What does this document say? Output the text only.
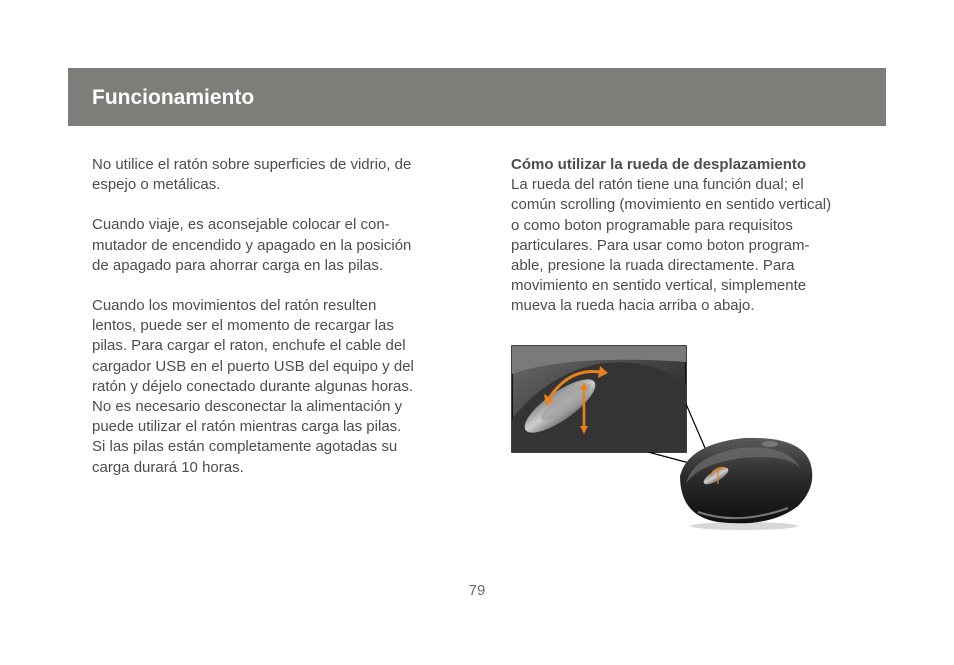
Funcionamiento

No utilice el ratón sobre superficies de vidrio, de
espejo o metálicas.

Cuando viaje, es aconsejable colocar el con-
mutador de encendido y apagado en la posición
de apagado para ahorrar carga en las pilas.

Cuando los movimientos del ratón resulten
lentos, puede ser el momento de recargar las
pilas. Para cargar el raton, enchufe el cable del
cargador USB en el puerto USB del equipo y del
ratón y déjelo conectado durante algunas horas.
No es necesario desconectar la alimentación y
puede utilizar el ratón mientras carga las pilas.
Si las pilas están completamente agotadas su
carga durará 10 horas.

Cómo utilizar la rueda de desplazamiento

La rueda del ratón tiene una función dual; el
común scrolling (movimiento en sentido vertical)
o como boton programable para requisitos
particulares. Para usar como boton program-
able, presione la ruada directamente. Para
movimiento en sentido vertical, simplemente
mueva la rueda hacia arriba o abajo.

79
